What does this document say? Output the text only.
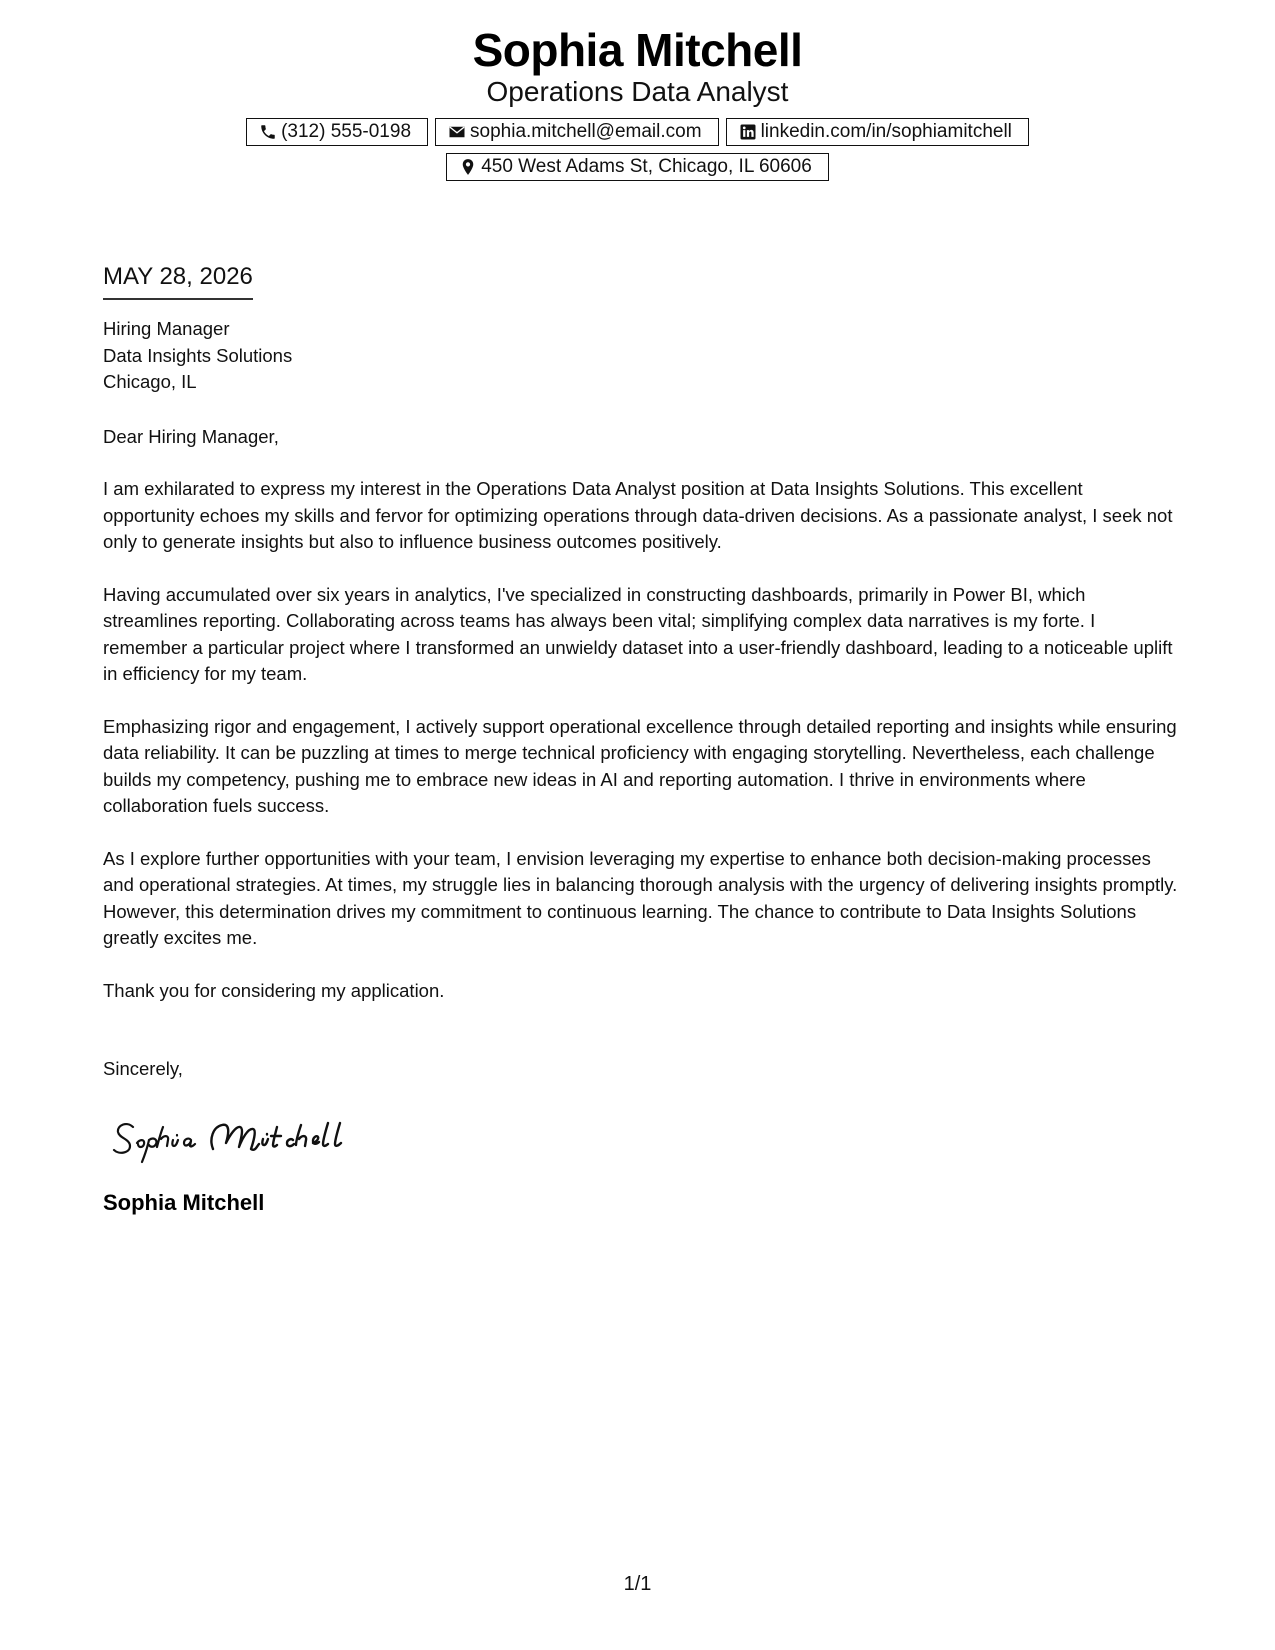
Sophia Mitchell
Operations Data Analyst
(312) 555-0198	sophia.mitchell@email.com	linkedin.com/in/sophiamitchell
450 West Adams St, Chicago, IL 60606
MAY 28, 2026
Hiring Manager
Data Insights Solutions
Chicago, IL
Dear Hiring Manager,

I am exhilarated to express my interest in the Operations Data Analyst position at Data Insights Solutions. This excellent opportunity echoes my skills and fervor for optimizing operations through data-driven decisions. As a passionate analyst, I seek not only to generate insights but also to influence business outcomes positively.

Having accumulated over six years in analytics, I've specialized in constructing dashboards, primarily in Power BI, which streamlines reporting. Collaborating across teams has always been vital; simplifying complex data narratives is my forte. I remember a particular project where I transformed an unwieldy dataset into a user-friendly dashboard, leading to a noticeable uplift in efficiency for my team.

Emphasizing rigor and engagement, I actively support operational excellence through detailed reporting and insights while ensuring data reliability. It can be puzzling at times to merge technical proficiency with engaging storytelling. Nevertheless, each challenge builds my competency, pushing me to embrace new ideas in AI and reporting automation. I thrive in environments where collaboration fuels success.

As I explore further opportunities with your team, I envision leveraging my expertise to enhance both decision-making processes and operational strategies. At times, my struggle lies in balancing thorough analysis with the urgency of delivering insights promptly. However, this determination drives my commitment to continuous learning. The chance to contribute to Data Insights Solutions greatly excites me.

Thank you for considering my application.

Sincerely,
Sophia Mitchell
1/1
